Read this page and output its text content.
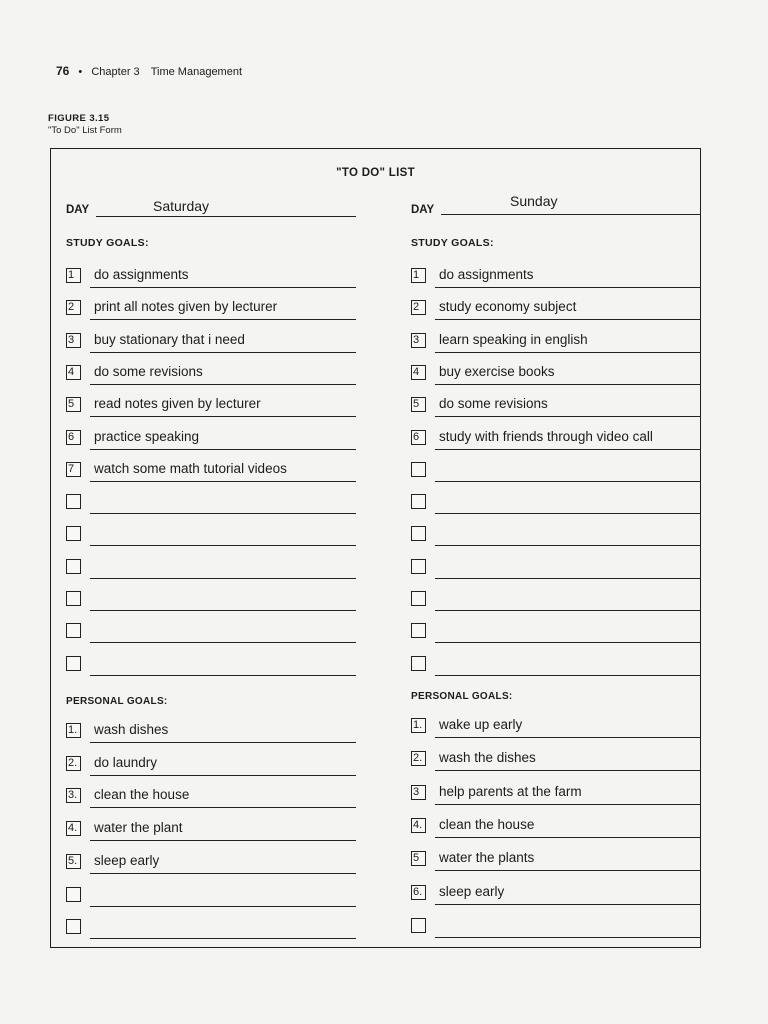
76 • Chapter 3 Time Management
FIGURE 3.15
"To Do" List Form
"TO DO" LIST
DAY	Saturday
STUDY GOALS:
1	do assignments
2	print all notes given by lecturer
3	buy stationary that i need
4	do some revisions
5	read notes given by lecturer
6	practice speaking
7	watch some math tutorial videos
PERSONAL GOALS:
1. wash dishes
2. do laundry
3. clean the house
4. water the plant
5. sleep early
DAY
Sunday
STUDY GOALS:
1	do assignments
2	study economy subject
3	learn speaking in english
4	buy exercise books
5	do some revisions
6	study with friends through video call
PERSONAL GOALS:
1. wake up early
2. wash the dishes
3	help parents at the farm
4. clean the house
5	water the plants
6. sleep early
